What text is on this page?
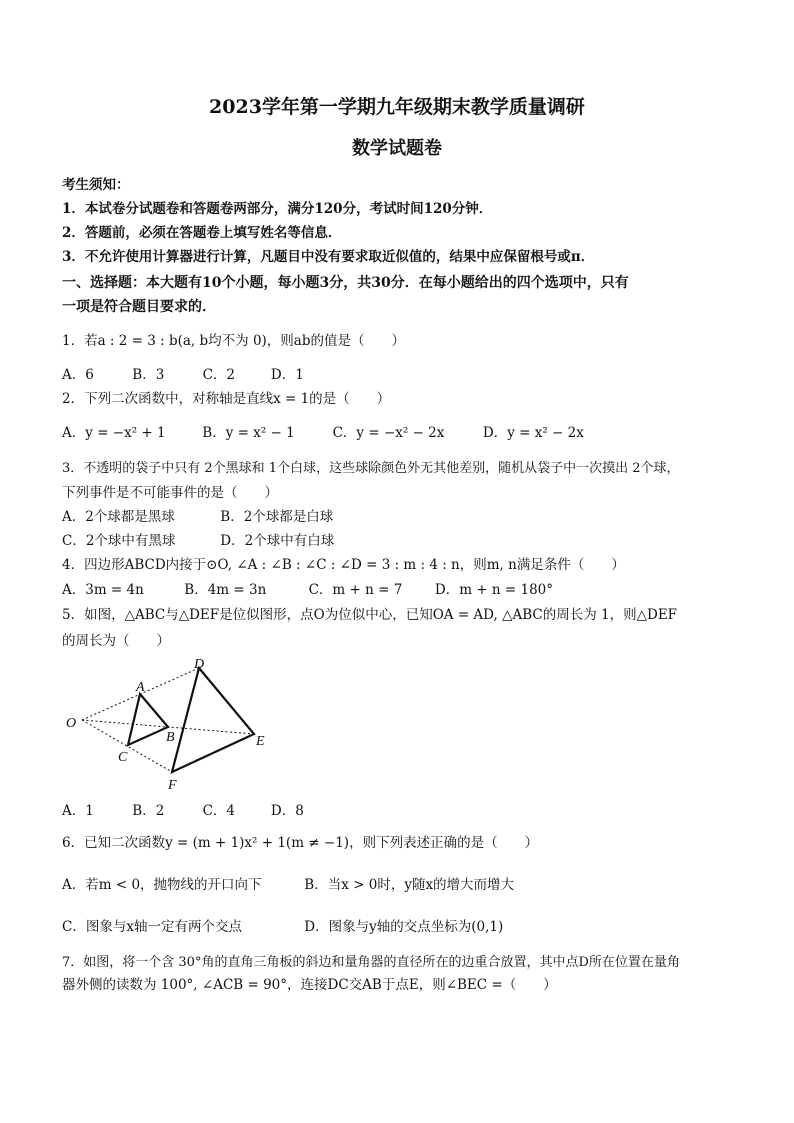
2023学年第一学期九年级期末教学质量调研
数学试题卷
考生须知：
1．本试卷分试题卷和答题卷两部分，满分120分，考试时间120分钟．
2．答题前，必须在答题卷上填写姓名等信息．
3．不允许使用计算器进行计算，凡题目中没有要求取近似值的，结果中应保留根号或π．
一、选择题：本大题有10个小题，每小题3分，共30分．在每小题给出的四个选项中，只有
一项是符合题目要求的．
1．若a : 2 = 3 : b(a, b均不为 0)，则ab的值是（　　）
A．6	B．3	C．2	D．1
2．下列二次函数中，对称轴是直线x = 1的是（　　）
A．y = −x² + 1	B．y = x² − 1	C．y = −x² − 2x	D．y = x² − 2x
3．不透明的袋子中只有 2个黑球和 1个白球，这些球除颜色外无其他差别，随机从袋子中一次摸出 2个球，
下列事件是不可能事件的是（　　）
A．2个球都是黑球	B．2个球都是白球
C．2个球中有黑球	D．2个球中有白球
4．四边形ABCD内接于⊙O, ∠A : ∠B : ∠C : ∠D = 3 : m : 4 : n，则m, n满足条件（　　）
A．3m = 4n	B．4m = 3n	C．m + n = 7 D．m + n = 180°
5．如图，△ABC与△DEF是位似图形，点O为位似中心，已知OA = AD, △ABC的周长为 1，则△DEF
的周长为（　　）
O
A
B
C
D
E
F
A．1	B．2	C．4	D．8
6．已知二次函数y = (m + 1)x² + 1(m ≠ −1)，则下列表述正确的是（　　）
A．若m < 0，抛物线的开口向下	B．当x > 0时，y随x的增大而增大
C．图象与x轴一定有两个交点	D．图象与y轴的交点坐标为(0,1)
7．如图，将一个含 30°角的直角三角板的斜边和量角器的直径所在的边重合放置，其中点D所在位置在量角
器外侧的读数为 100°, ∠ACB = 90°，连接DC交AB于点E，则∠BEC =（　　）
